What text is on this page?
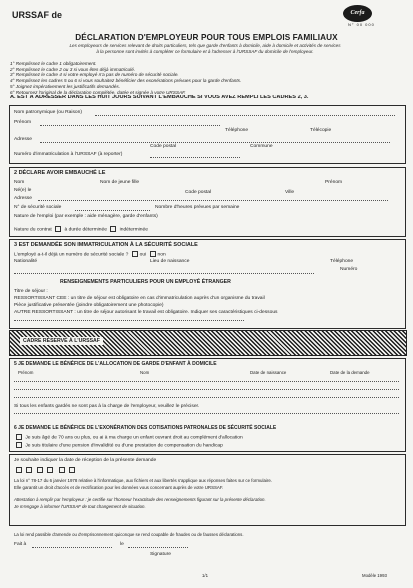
URSSAF de	Cerfa
N° 00 000
DÉCLARATION D'EMPLOYEUR POUR TOUS EMPLOIS FAMILIAUX
Les employeurs de services relevant de droits particuliers, tels que garde d'enfants à domicile, aide à domicile et activités de services
à la personne sont invités à compléter ce formulaire et à l'adresser à l'URSSAF du domicile de l'employeur.
1° Remplissez le cadre 1 obligatoirement.
2° Remplissez le cadre 2 ou 3 si vous êtes déjà immatriculé.
3° Remplissez le cadre 4 si votre employé n'a pas de numéro de sécurité sociale.
4° Remplissez les cadres 5 ou 6 si vous souhaitez bénéficier des exonérations prévues pour la garde d'enfants.
5° Joignez impérativement les justificatifs demandés.
6° Retournez l'original de la déclaration complétée, datée et signée à votre URSSAF.
A. EST À ADRESSER DANS LES HUIT JOURS SUIVANT L'EMBAUCHE SI VOUS AVEZ REMPLI LES CADRES 2, 3.
Nom patronymique (ou Raison)
Prénom
Téléphone	Télécopie
Adresse
Code postal	Commune
Numéro d'immatriculation à l'URSSAF (à reporter)
2 DÉCLARE AVOIR EMBAUCHÉ LE
Nom	Nom de jeune fille	Prénom
Né(e) le
Adresse
Code postal	Ville
N° de sécurité sociale	Nombre d'heures prévues par semaine
Nature de l'emploi (par exemple : aide ménagère, garde d'enfants)
Nature du contrat	à durée déterminée	indéterminée
3 EST DEMANDÉE SON IMMATRICULATION À LA SÉCURITÉ SOCIALE
L'employé a-t-il déjà un numéro de sécurité sociale ? oui non
Nationalité	Lieu de naissance	Téléphone
Numéro
RENSEIGNEMENTS PARTICULIERS POUR UN EMPLOYÉ ÉTRANGER
Titre de séjour :
RESSORTISSANT CEE : un titre de séjour est obligatoire en cas d'immatriculation auprès d'un organisme du travail
Pièce justificative présentée (joindre obligatoirement une photocopie)
AUTRE RESSORTISSANT : un titre de séjour autorisant le travail est obligatoire. Indiquer ses caractéristiques ci-dessous
CADRE RÉSERVÉ À L'URSSAF
5 JE DEMANDE LE BÉNÉFICE DE L'ALLOCATION DE GARDE D'ENFANT À DOMICILE
Prénom	Nom	Date de naissance	Date de la demande
Si tous les enfants gardés ne sont pas à la charge de l'employeur, veuillez le préciser.
6 JE DEMANDE LE BÉNÉFICE DE L'EXONÉRATION DES COTISATIONS PATRONALES DE SÉCURITÉ SOCIALE
Je suis âgé de 70 ans ou plus, ou ai à ma charge un enfant ouvrant droit au complément d'allocation
Je suis titulaire d'une pension d'invalidité ou d'une prestation de compensation du handicap
Je souhaite indiquer la date de réception de la présente demande

La loi n° 78-17 du 6 janvier 1978 relative à l'informatique, aux fichiers et aux libertés s'applique aux réponses faites sur ce formulaire.
Elle garantit un droit d'accès et de rectification pour les données vous concernant auprès de votre URSSAF.
Attestation à remplir par l'employeur : je certifie sur l'honneur l'exactitude des renseignements figurant sur la présente déclaration.
Je m'engage à informer l'URSSAF de tout changement de situation.
La loi rend passible d'amende ou d'emprisonnement quiconque se rend coupable de fraudes ou de fausses déclarations.
Fait à	le
Signature
1/1	Modèle 1993
